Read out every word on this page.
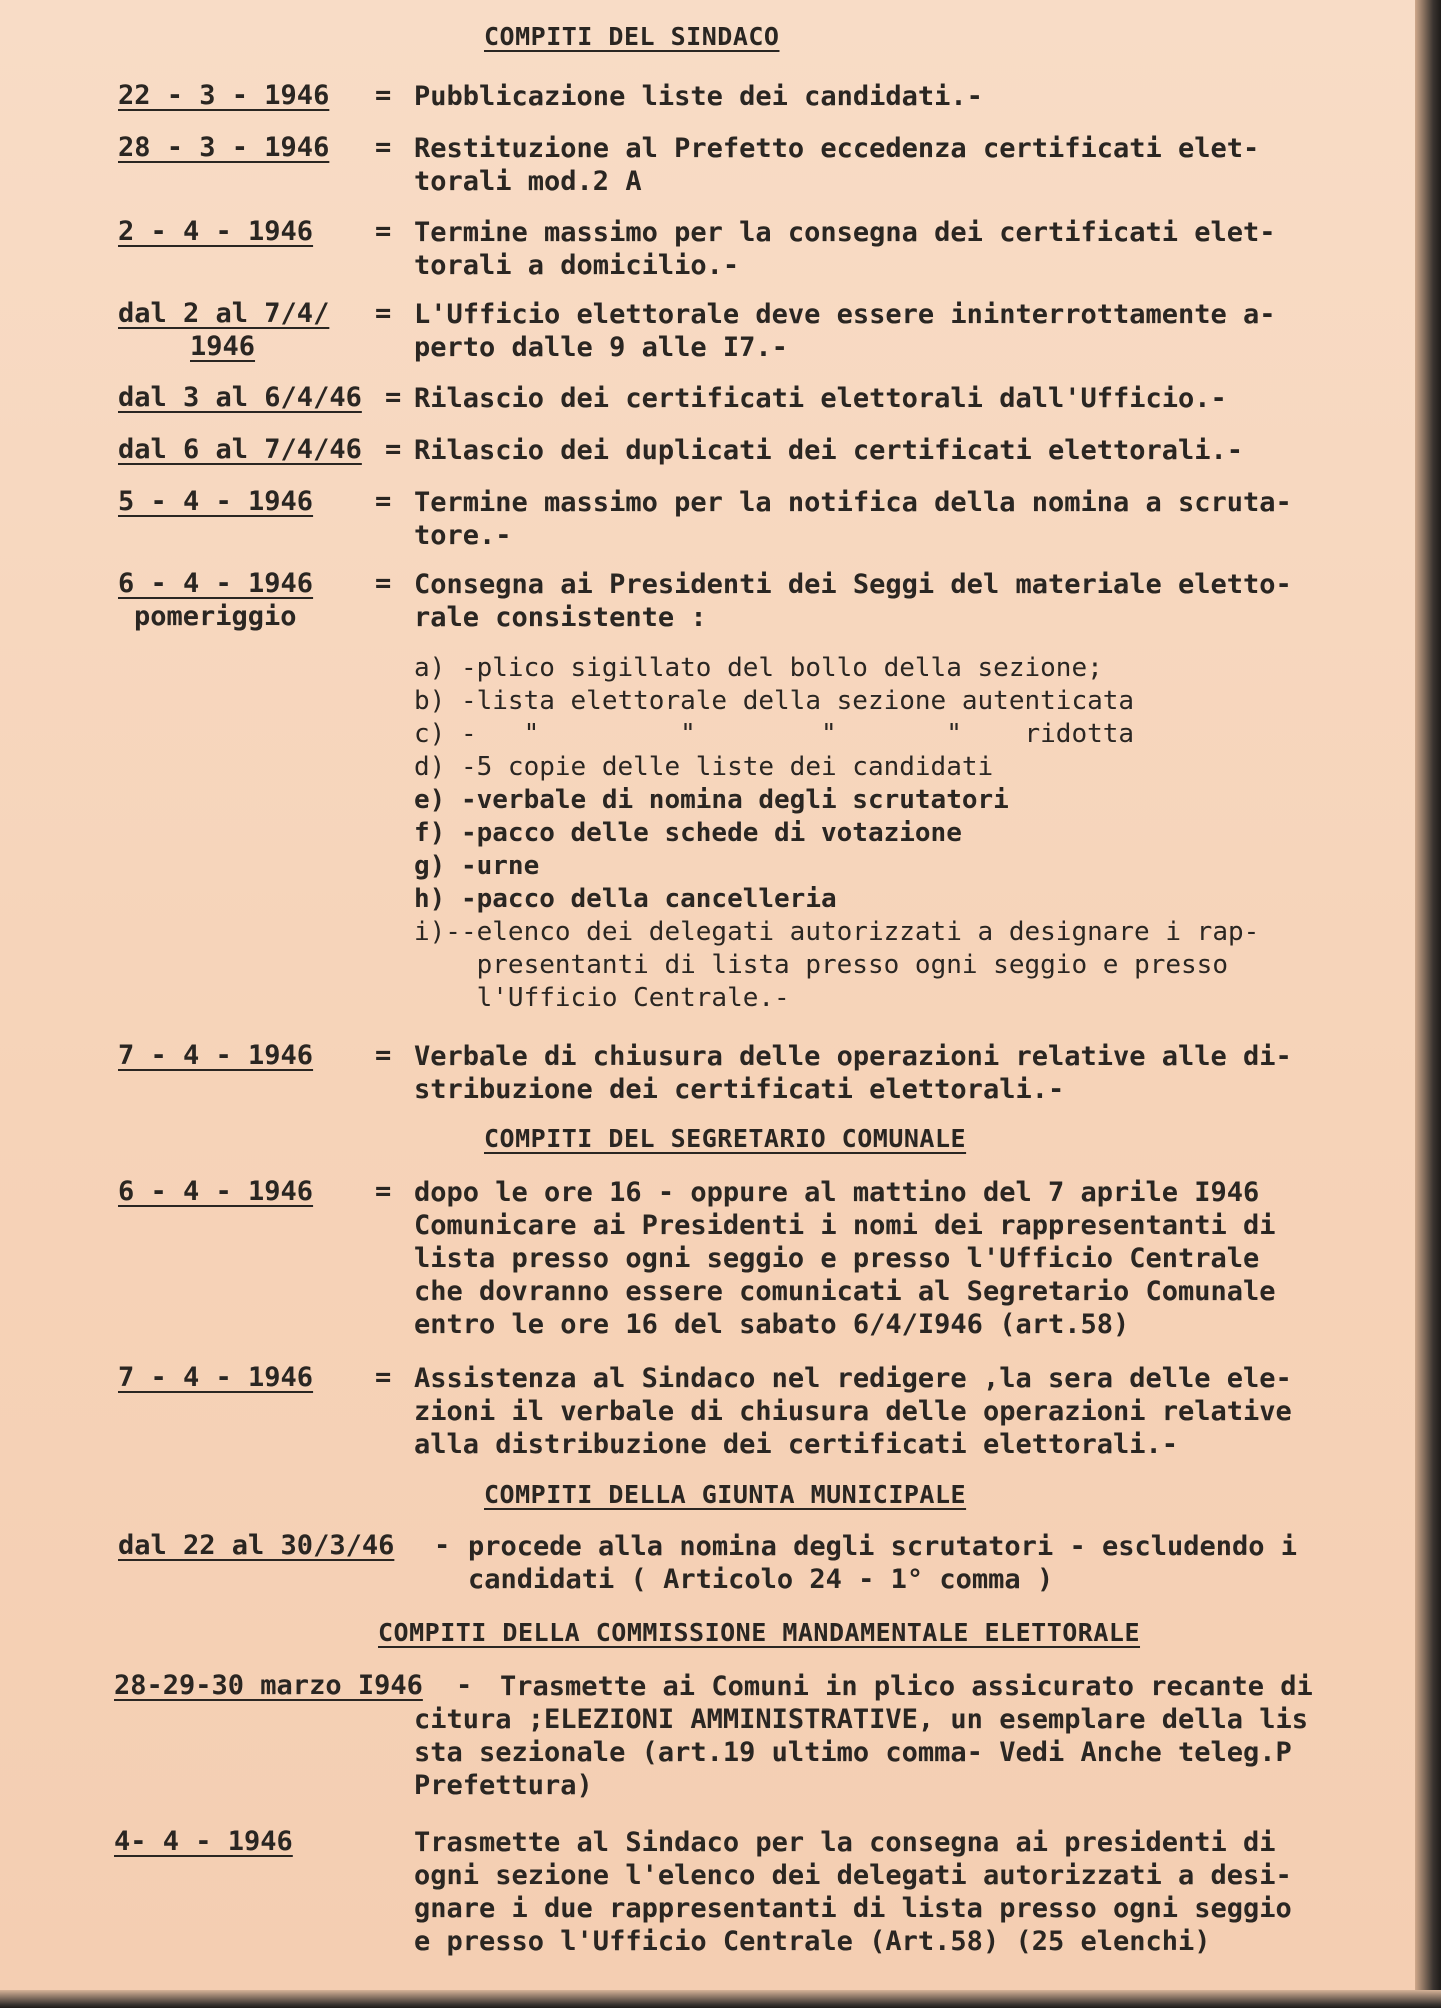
COMPITI DEL SINDACO
22 - 3 - 1946 = Pubblicazione liste dei candidati.-
28 - 3 - 1946 = Restituzione al Prefetto eccedenza certificati elet-
torali mod.2 A
2 - 4 - 1946 = Termine massimo per la consegna dei certificati elet-
torali a domicilio.-
dal 2 al 7/4/
1946
= L'Ufficio elettorale deve essere ininterrottamente a-
perto dalle 9 alle I7.-
dal 3 al 6/4/46 = Rilascio dei certificati elettorali dall'Ufficio.-
dal 6 al 7/4/46 = Rilascio dei duplicati dei certificati elettorali.-
5 - 4 - 1946 = Termine massimo per la notifica della nomina a scruta-
tore.-
6 - 4 - 1946
pomeriggio
= Consegna ai Presidenti dei Seggi del materiale eletto-
rale consistente :
a) -plico sigillato del bollo della sezione;
b) -lista elettorale della sezione autenticata
c) -   "         "        "       "    ridotta
d) -5 copie delle liste dei candidati
e) -verbale di nomina degli scrutatori
f) -pacco delle schede di votazione
g) -urne
h) -pacco della cancelleria
i)--elenco dei delegati autorizzati a designare i rap-
presentanti di lista presso ogni seggio e presso
l'Ufficio Centrale.-
7 - 4 - 1946 = Verbale di chiusura delle operazioni relative alle di-
stribuzione dei certificati elettorali.-
COMPITI DEL SEGRETARIO COMUNALE
6 - 4 - 1946 = dopo le ore 16 - oppure al mattino del 7 aprile I946
Comunicare ai Presidenti i nomi dei rappresentanti di
lista presso ogni seggio e presso l'Ufficio Centrale
che dovranno essere comunicati al Segretario Comunale
entro le ore 16 del sabato 6/4/I946 (art.58)
7 - 4 - 1946 = Assistenza al Sindaco nel redigere ,la sera delle ele-
zioni il verbale di chiusura delle operazioni relative
alla distribuzione dei certificati elettorali.-
COMPITI DELLA GIUNTA MUNICIPALE
dal 22 al 30/3/46 - procede alla nomina degli scrutatori - escludendo i
candidati ( Articolo 24 - 1° comma )
COMPITI DELLA COMMISSIONE MANDAMENTALE ELETTORALE
28-29-30 marzo I946 -	Trasmette ai Comuni in plico assicurato recante di
citura ;ELEZIONI AMMINISTRATIVE, un esemplare della lis
sta sezionale (art.19 ultimo comma- Vedi Anche teleg.P
Prefettura)
4- 4 - 1946	Trasmette al Sindaco per la consegna ai presidenti di
ogni sezione l'elenco dei delegati autorizzati a desi-
gnare i due rappresentanti di lista presso ogni seggio
e presso l'Ufficio Centrale (Art.58) (25 elenchi)
